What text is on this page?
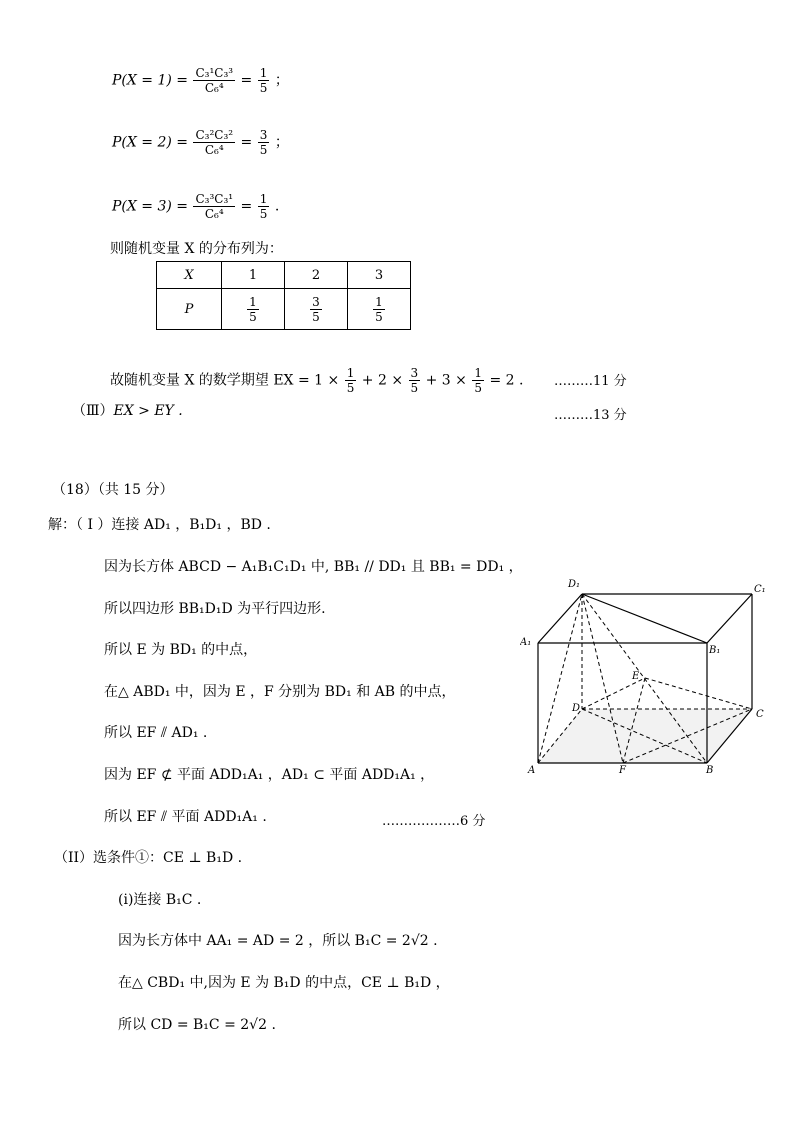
$P(X = 1) = \frac{\text{C₃¹C₃³}}{\text{C₆⁴}} = \frac{1}{5}$ ；
$P(X = 2) = \frac{\text{C₃²C₃²}}{\text{C₆⁴}} = \frac{3}{5}$ ；
$P(X = 3) = \frac{\text{C₃³C₃¹}}{\text{C₆⁴}} = \frac{1}{5}$ .
则随机变量 X 的分布列为：
X	1	2	3
P	$\frac{1}{5}$	$\frac{3}{5}$	$\frac{1}{5}$
故随机变量 X 的数学期望 EX = $1 \times \frac{1}{5} + 2 \times \frac{3}{5} + 3 \times \frac{1}{5} = 2$ . ………11 分
（Ⅲ）EX > EY .	………13 分
（18）（共 15 分）
解：（ I ）连接 AD₁ ，B₁D₁ ，BD .
因为长方体 ABCD − A₁B₁C₁D₁ 中, BB₁ // DD₁ 且 BB₁ = DD₁ ，
所以四边形 BB₁D₁D 为平行四边形.
所以 E 为 BD₁ 的中点，
在△ ABD₁ 中，因为 E ，F 分别为 BD₁ 和 AB 的中点，
所以 EF ⫽ AD₁ .
因为 EF ⊄ 平面 ADD₁A₁ ，AD₁ ⊂ 平面 ADD₁A₁ ，
所以 EF ⫽ 平面 ADD₁A₁ .	………………6 分
（II）选条件①：CE ⊥ B₁D .
(ⅰ)连接 B₁C .
因为长方体中 AA₁ = AD = 2 ，所以 B₁C = 2√2 .
在△ CBD₁ 中,因为 E 为 B₁D 的中点，CE ⊥ B₁D ，
所以 CD = B₁C = 2√2 .
D₁	C₁
A₁
B₁
E
D
C
A	F	B
